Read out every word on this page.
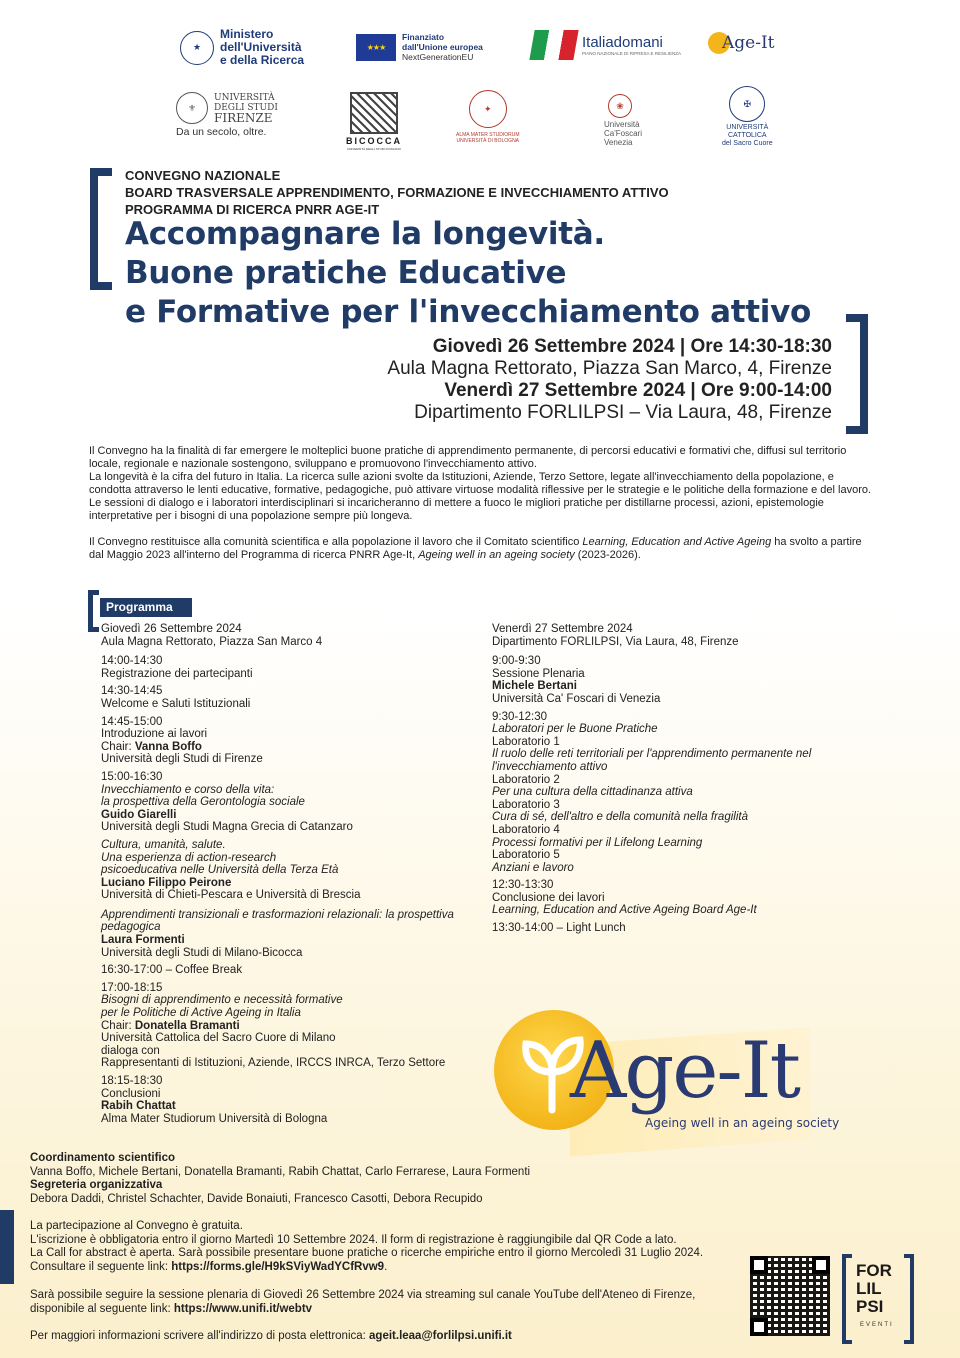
★
Ministero
dell'Università
e della Ricerca
★★★
Finanziato
dall'Unione europea
NextGenerationEU
Italiadomani
PIANO NAZIONALE DI RIPRESA E RESILIENZA
Age-It
⚜
UNIVERSITÀ
DEGLI STUDI
FIRENZE
Da un secolo, oltre.
BICOCCA
UNIVERSITÀ DEGLI STUDI DI MILANO
✦
ALMA MATER STUDIORUM
UNIVERSITÀ DI BOLOGNA
❀
Università
Ca'Foscari
Venezia
✠
UNIVERSITÀ
CATTOLICA
del Sacro Cuore
CONVEGNO NAZIONALE
BOARD TRASVERSALE APPRENDIMENTO, FORMAZIONE E INVECCHIAMENTO ATTIVO
PROGRAMMA DI RICERCA PNRR AGE-IT
Accompagnare la longevità.
Buone pratiche Educative
e Formative per l'invecchiamento attivo
Giovedì 26 Settembre 2024 | Ore 14:30-18:30
Aula Magna Rettorato, Piazza San Marco, 4, Firenze
Venerdì 27 Settembre 2024 | Ore 9:00-14:00
Dipartimento FORLILPSI – Via Laura, 48, Firenze

Il Convegno ha la finalità di far emergere le molteplici buone pratiche di apprendimento permanente, di percorsi educativi e formativi che, diffusi sul territorio locale, regionale e nazionale sostengono, sviluppano e promuovono l'invecchiamento attivo.

La longevità è la cifra del futuro in Italia. La ricerca sulle azioni svolte da Istituzioni, Aziende, Terzo Settore, legate all'invecchiamento della popolazione, e condotta attraverso le lenti educative, formative, pedagogiche, può attivare virtuose modalità riflessive per le strategie e le politiche della formazione e del lavoro.

Le sessioni di dialogo e i laboratori interdisciplinari si incaricheranno di mettere a fuoco le migliori pratiche per distillarne processi, azioni, epistemologie interpretative per i bisogni di una popolazione sempre più longeva.

Il Convegno restituisce alla comunità scientifica e alla popolazione il lavoro che il Comitato scientifico Learning, Education and Active Ageing ha svolto a partire dal Maggio 2023 all'interno del Programma di ricerca PNRR Age-It, Ageing well in an ageing society (2023-2026).

Programma
Giovedì 26 Settembre 2024
Aula Magna Rettorato, Piazza San Marco 4
14:00-14:30
Registrazione dei partecipanti
14:30-14:45
Welcome e Saluti Istituzionali
14:45-15:00
Introduzione ai lavori
Chair: Vanna Boffo
Università degli Studi di Firenze
15:00-16:30
Invecchiamento e corso della vita:
la prospettiva della Gerontologia sociale
Guido Giarelli
Università degli Studi Magna Grecia di Catanzaro
Cultura, umanità, salute.
Una esperienza di action-research
psicoeducativa nelle Università della Terza Età
Luciano Filippo Peirone
Università di Chieti-Pescara e Università di Brescia
Apprendimenti transizionali e trasformazioni relazionali: la prospettiva
pedagogica
Laura Formenti
Università degli Studi di Milano-Bicocca
16:30-17:00 – Coffee Break
17:00-18:15
Bisogni di apprendimento e necessità formative
per le Politiche di Active Ageing in Italia
Chair: Donatella Bramanti
Università Cattolica del Sacro Cuore di Milano
dialoga con
Rappresentanti di Istituzioni, Aziende, IRCCS INRCA, Terzo Settore
18:15-18:30
Conclusioni
Rabih Chattat
Alma Mater Studiorum Università di Bologna
Venerdì 27 Settembre 2024
Dipartimento FORLILPSI, Via Laura, 48, Firenze
9:00-9:30
Sessione Plenaria
Michele Bertani
Università Ca' Foscari di Venezia
9:30-12:30
Laboratori per le Buone Pratiche
Laboratorio 1
Il ruolo delle reti territoriali per l'apprendimento permanente nel
l'invecchiamento attivo
Laboratorio 2
Per una cultura della cittadinanza attiva
Laboratorio 3
Cura di sé, dell'altro e della comunità nella fragilità
Laboratorio 4
Processi formativi per il Lifelong Learning
Laboratorio 5
Anziani e lavoro
12:30-13:30
Conclusione dei lavori
Learning, Education and Active Ageing Board Age-It
13:30-14:00 – Light Lunch
Age-It
Ageing well in an ageing society
Coordinamento scientifico
Vanna Boffo, Michele Bertani, Donatella Bramanti, Rabih Chattat, Carlo Ferrarese, Laura Formenti
Segreteria organizzativa
Debora Daddi, Christel Schachter, Davide Bonaiuti, Francesco Casotti, Debora Recupido
La partecipazione al Convegno è gratuita.
L'iscrizione è obbligatoria entro il giorno Martedì 10 Settembre 2024. Il form di registrazione è raggiungibile dal QR Code a lato.
La Call for abstract è aperta. Sarà possibile presentare buone pratiche o ricerche empiriche entro il giorno Mercoledì 31 Luglio 2024.
Consultare il seguente link: https://forms.gle/H9kSViyWadYCfRvw9.
Sarà possibile seguire la sessione plenaria di Giovedì 26 Settembre 2024 via streaming sul canale YouTube dell'Ateneo di Firenze,
disponibile al seguente link: https://www.unifi.it/webtv
Per maggiori informazioni scrivere all'indirizzo di posta elettronica: ageit.leaa@forlilpsi.unifi.it
FOR
LIL
PSI
EVENTI
